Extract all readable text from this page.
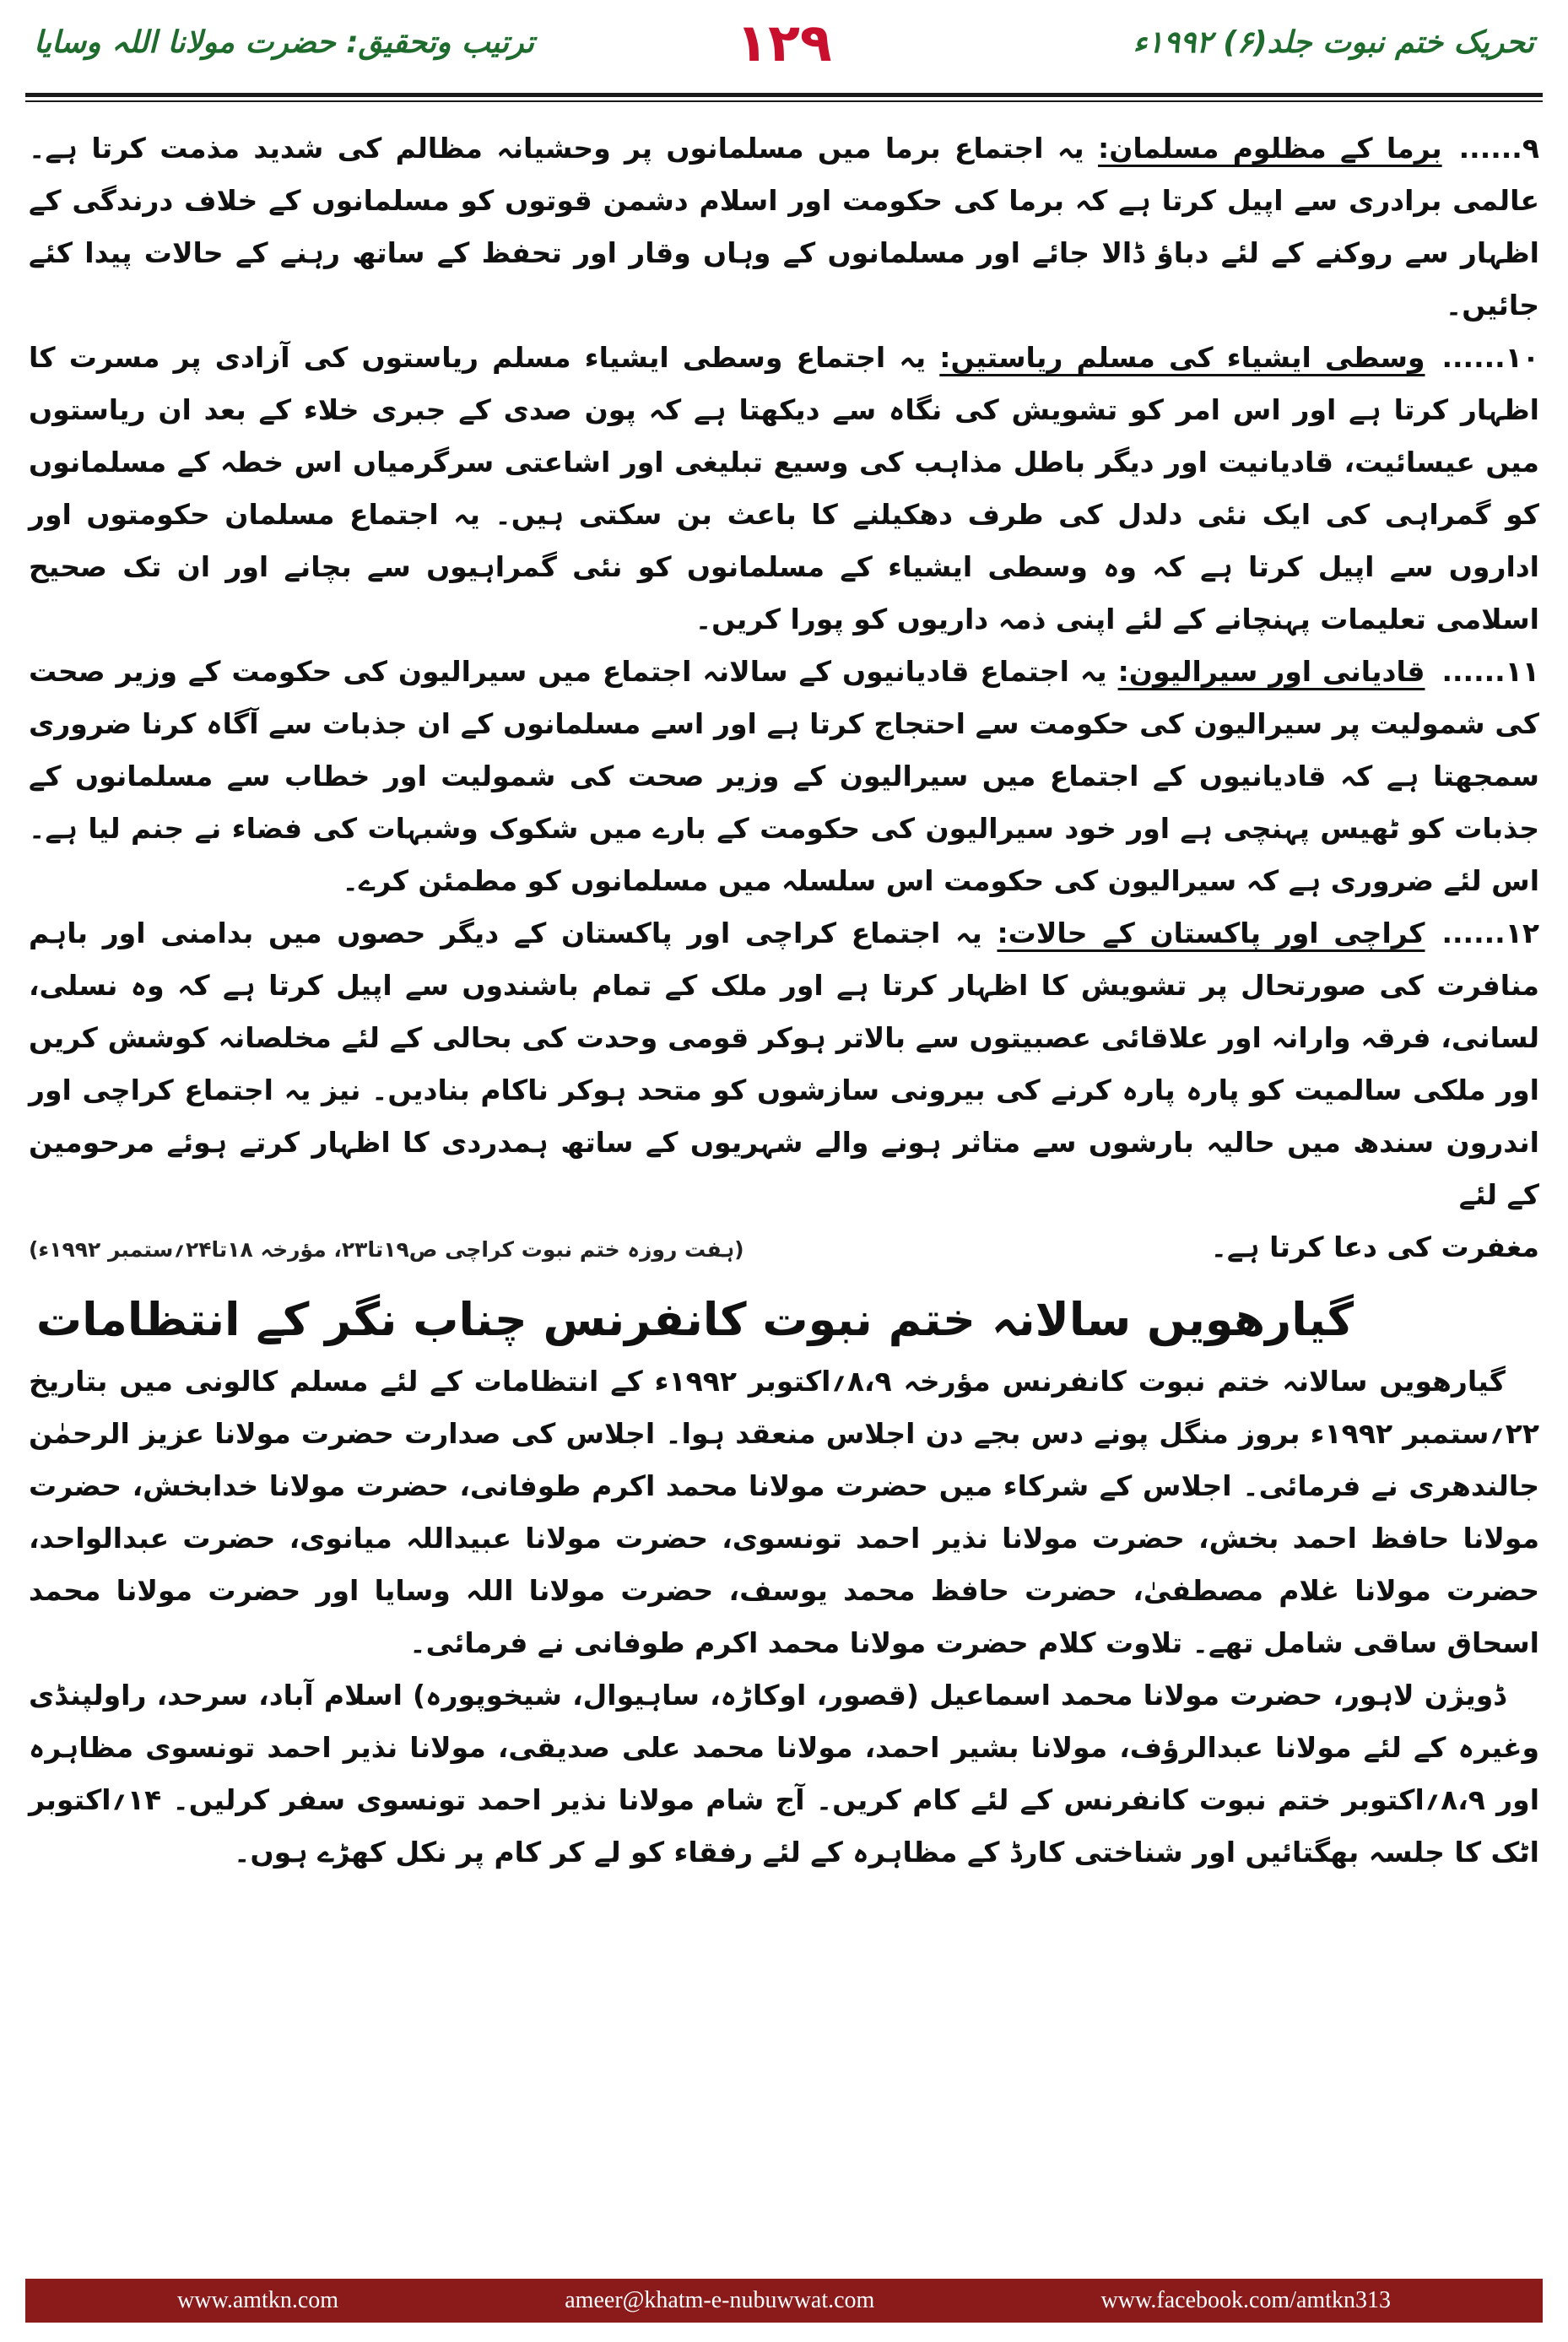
تحریک ختم نبوت جلد(۶) ۱۹۹۲ء
۱۲۹
ترتیب وتحقیق: حضرت مولانا اللہ وسایا

۹......برما کے مظلوم مسلمان: یہ اجتماع برما میں مسلمانوں پر وحشیانہ مظالم کی شدید مذمت کرتا ہے۔ عالمی برادری سے اپیل کرتا ہے کہ برما کی حکومت اور اسلام دشمن قوتوں کو مسلمانوں کے خلاف درندگی کے اظہار سے روکنے کے لئے دباؤ ڈالا جائے اور مسلمانوں کے وہاں وقار اور تحفظ کے ساتھ رہنے کے حالات پیدا کئے جائیں۔

۱۰......وسطی ایشیاء کی مسلم ریاستیں: یہ اجتماع وسطی ایشیاء مسلم ریاستوں کی آزادی پر مسرت کا اظہار کرتا ہے اور اس امر کو تشویش کی نگاہ سے دیکھتا ہے کہ پون صدی کے جبری خلاء کے بعد ان ریاستوں میں عیسائیت، قادیانیت اور دیگر باطل مذاہب کی وسیع تبلیغی اور اشاعتی سرگرمیاں اس خطہ کے مسلمانوں کو گمراہی کی ایک نئی دلدل کی طرف دھکیلنے کا باعث بن سکتی ہیں۔ یہ اجتماع مسلمان حکومتوں اور اداروں سے اپیل کرتا ہے کہ وہ وسطی ایشیاء کے مسلمانوں کو نئی گمراہیوں سے بچانے اور ان تک صحیح اسلامی تعلیمات پہنچانے کے لئے اپنی ذمہ داریوں کو پورا کریں۔

۱۱......قادیانی اور سیرالیون: یہ اجتماع قادیانیوں کے سالانہ اجتماع میں سیرالیون کی حکومت کے وزیر صحت کی شمولیت پر سیرالیون کی حکومت سے احتجاج کرتا ہے اور اسے مسلمانوں کے ان جذبات سے آگاہ کرنا ضروری سمجھتا ہے کہ قادیانیوں کے اجتماع میں سیرالیون کے وزیر صحت کی شمولیت اور خطاب سے مسلمانوں کے جذبات کو ٹھیس پہنچی ہے اور خود سیرالیون کی حکومت کے بارے میں شکوک وشبہات کی فضاء نے جنم لیا ہے۔ اس لئے ضروری ہے کہ سیرالیون کی حکومت اس سلسلہ میں مسلمانوں کو مطمئن کرے۔

۱۲......کراچی اور پاکستان کے حالات: یہ اجتماع کراچی اور پاکستان کے دیگر حصوں میں بدامنی اور باہم منافرت کی صورتحال پر تشویش کا اظہار کرتا ہے اور ملک کے تمام باشندوں سے اپیل کرتا ہے کہ وہ نسلی، لسانی، فرقہ وارانہ اور علاقائی عصبیتوں سے بالاتر ہوکر قومی وحدت کی بحالی کے لئے مخلصانہ کوشش کریں اور ملکی سالمیت کو پارہ پارہ کرنے کی بیرونی سازشوں کو متحد ہوکر ناکام بنادیں۔ نیز یہ اجتماع کراچی اور اندرون سندھ میں حالیہ بارشوں سے متاثر ہونے والے شہریوں کے ساتھ ہمدردی کا اظہار کرتے ہوئے مرحومین کے لئے

مغفرت کی دعا کرتا ہے۔
(ہفت روزہ ختم نبوت کراچی ص۱۹تا۲۳، مؤرخہ ۱۸تا۲۴؍ستمبر ۱۹۹۲ء)
گیارھویں سالانہ ختم نبوت کانفرنس چناب نگر کے انتظامات

گیارھویں سالانہ ختم نبوت کانفرنس مؤرخہ ۸،۹؍اکتوبر ۱۹۹۲ء کے انتظامات کے لئے مسلم کالونی میں بتاریخ ۲۲؍ستمبر ۱۹۹۲ء بروز منگل پونے دس بجے دن اجلاس منعقد ہوا۔ اجلاس کی صدارت حضرت مولانا عزیز الرحمٰن جالندھری نے فرمائی۔ اجلاس کے شرکاء میں حضرت مولانا محمد اکرم طوفانی، حضرت مولانا خدابخش، حضرت مولانا حافظ احمد بخش، حضرت مولانا نذیر احمد تونسوی، حضرت مولانا عبیداللہ میانوی، حضرت عبدالواحد، حضرت مولانا غلام مصطفیٰ، حضرت حافظ محمد یوسف، حضرت مولانا اللہ وسایا اور حضرت مولانا محمد اسحاق ساقی شامل تھے۔ تلاوت کلام حضرت مولانا محمد اکرم طوفانی نے فرمائی۔

ڈویژن لاہور، حضرت مولانا محمد اسماعیل (قصور، اوکاڑہ، ساہیوال، شیخوپورہ) اسلام آباد، سرحد، راولپنڈی وغیرہ کے لئے مولانا عبدالرؤف، مولانا بشیر احمد، مولانا محمد علی صدیقی، مولانا نذیر احمد تونسوی مظاہرہ اور ۸،۹؍اکتوبر ختم نبوت کانفرنس کے لئے کام کریں۔ آج شام مولانا نذیر احمد تونسوی سفر کرلیں۔ ۱۴؍اکتوبر اٹک کا جلسہ بھگتائیں اور شناختی کارڈ کے مظاہرہ کے لئے رفقاء کو لے کر کام پر نکل کھڑے ہوں۔

www.amtkn.com	ameer@khatm-e-nubuwwat.com	www.facebook.com/amtkn313
